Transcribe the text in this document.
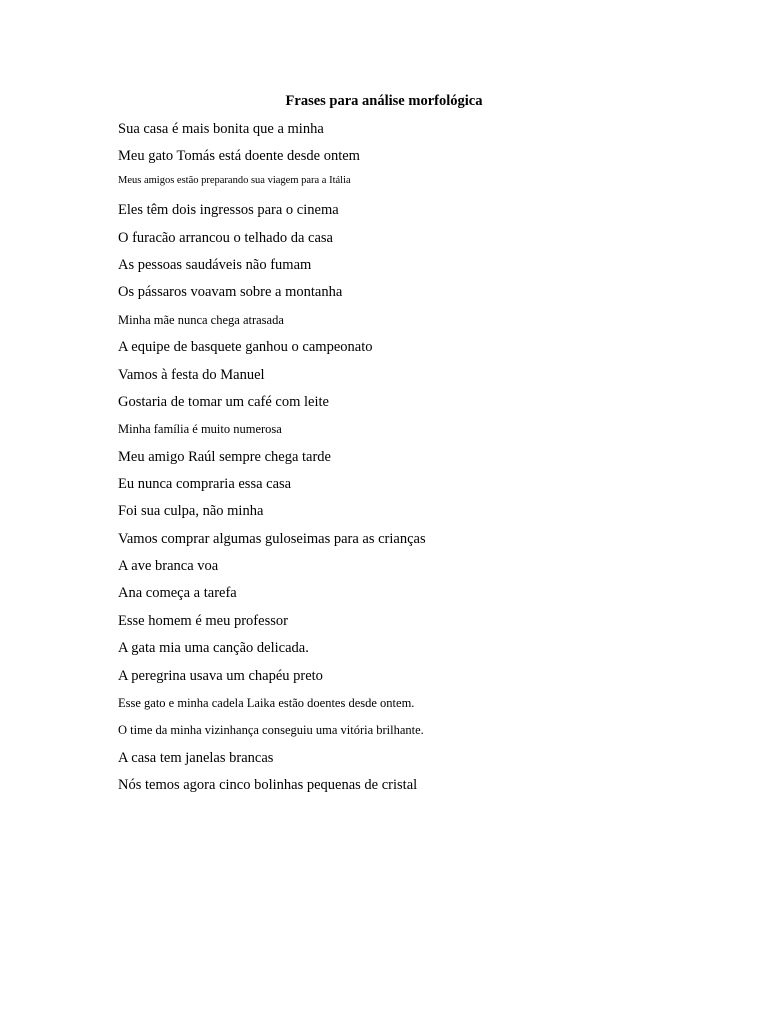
Frases para análise morfológica
Sua casa é mais bonita que a minha
Meu gato Tomás está doente desde ontem
Meus amigos estão preparando sua viagem para a Itália
Eles têm dois ingressos para o cinema
O furacão arrancou o telhado da casa
As pessoas saudáveis não fumam
Os pássaros voavam sobre a montanha
Minha mãe nunca chega atrasada
A equipe de basquete ganhou o campeonato
Vamos à festa do Manuel
Gostaria de tomar um café com leite
Minha família é muito numerosa
Meu amigo Raúl sempre chega tarde
Eu nunca compraria essa casa
Foi sua culpa, não minha
Vamos comprar algumas guloseimas para as crianças
A ave branca voa
Ana começa a tarefa
Esse homem é meu professor
A gata mia uma canção delicada.
A peregrina usava um chapéu preto
Esse gato e minha cadela Laika estão doentes desde ontem.
O time da minha vizinhança conseguiu uma vitória brilhante.
A casa tem janelas brancas
Nós temos agora cinco bolinhas pequenas de cristal
